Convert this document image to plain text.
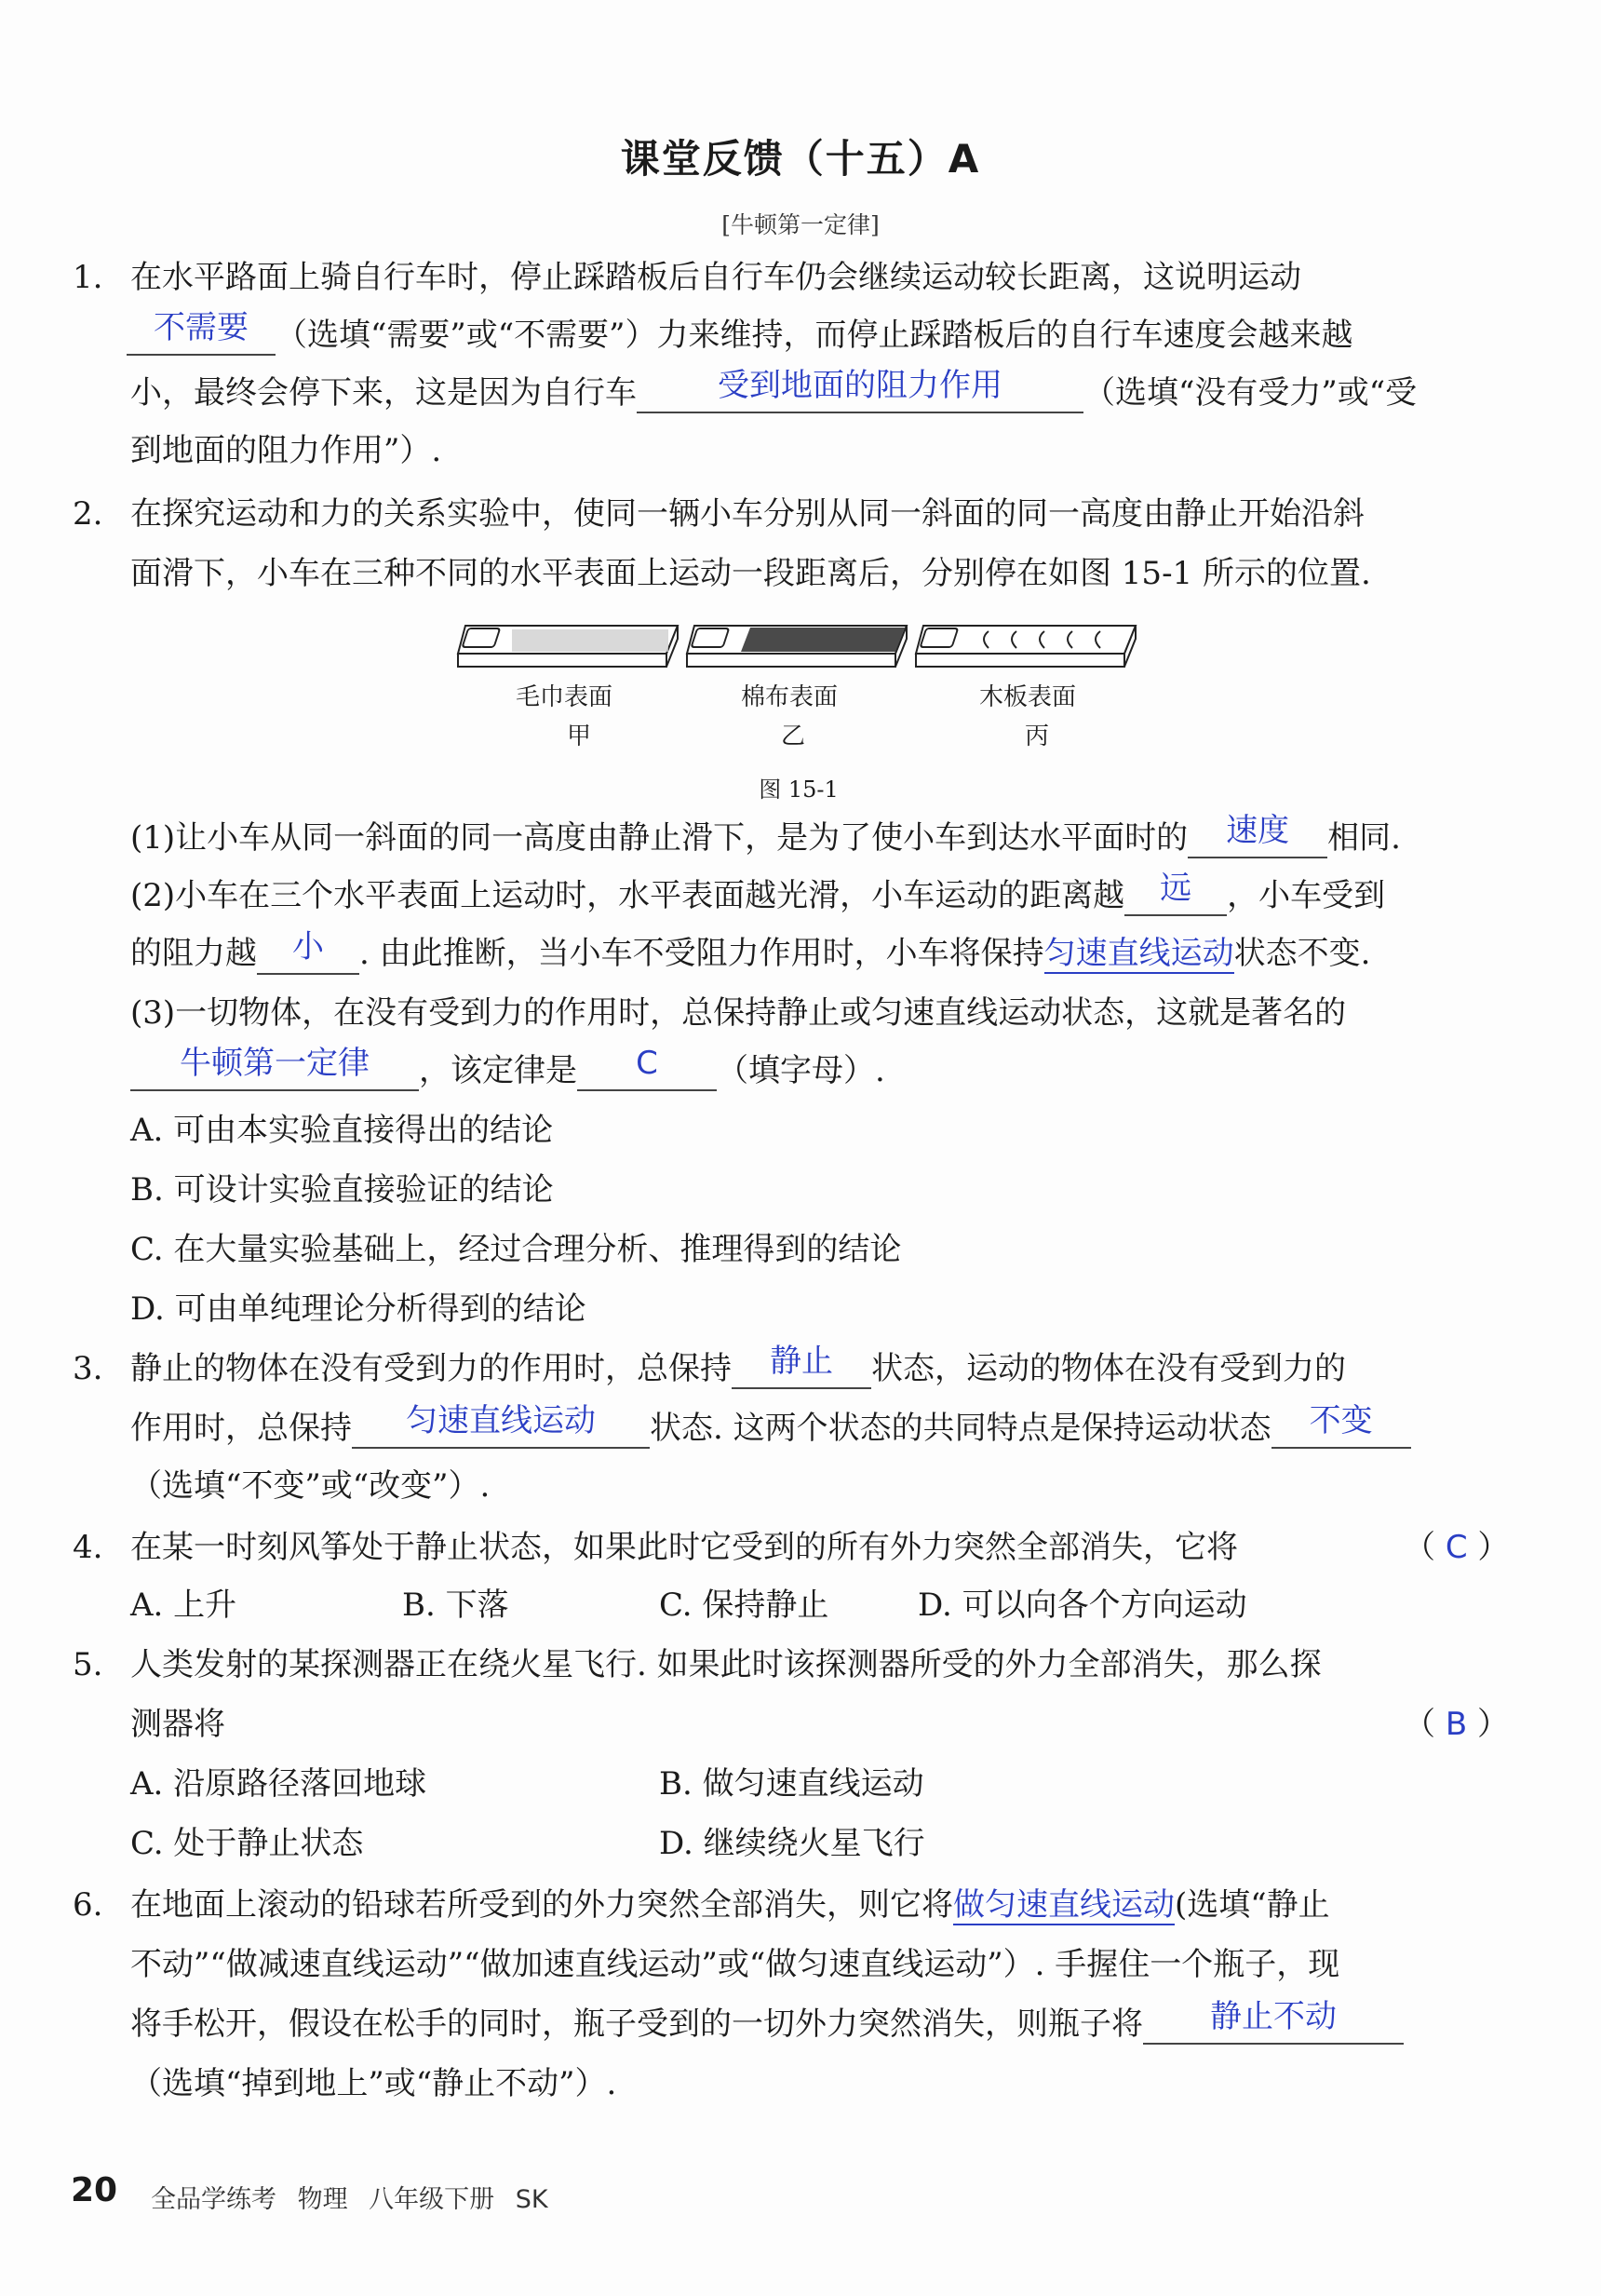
课堂反馈（十五）A
[牛顿第一定律]
1. 在水平路面上骑自行车时，停止踩踏板后自行车仍会继续运动较长距离，这说明运动
不需要 （选填“需要”或“不需要”）力来维持，而停止踩踏板后的自行车速度会越来越
小，最终会停下来，这是因为自行车	受到地面的阻力作用	（选填“没有受力”或“受
到地面的阻力作用”）.
2. 在探究运动和力的关系实验中，使同一辆小车分别从同一斜面的同一高度由静止开始沿斜
面滑下，小车在三种不同的水平表面上运动一段距离后，分别停在如图 15-1 所示的位置.
毛巾表面	棉布表面	木板表面
甲	乙	丙
图 15-1
(1)让小车从同一斜面的同一高度由静止滑下，是为了使小车到达水平面时的	速度	相同.
(2)小车在三个水平表面上运动时，水平表面越光滑，小车运动的距离越	远	，小车受到
的阻力越	小	. 由此推断，当小车不受阻力作用时，小车将保持匀速直线运动状态不变.
(3)一切物体，在没有受到力的作用时，总保持静止或匀速直线运动状态，这就是著名的
牛顿第一定律	，该定律是	C	（填字母）.
A. 可由本实验直接得出的结论
B. 可设计实验直接验证的结论
C. 在大量实验基础上，经过合理分析、推理得到的结论
D. 可由单纯理论分析得到的结论
3. 静止的物体在没有受到力的作用时，总保持	静止	状态，运动的物体在没有受到力的
作用时，总保持	匀速直线运动	状态. 这两个状态的共同特点是保持运动状态	不变
（选填“不变”或“改变”）.
4. 在某一时刻风筝处于静止状态，如果此时它受到的所有外力突然全部消失，它将	（ C ）
A. 上升	B. 下落	C. 保持静止	D. 可以向各个方向运动
5. 人类发射的某探测器正在绕火星飞行. 如果此时该探测器所受的外力全部消失，那么探
测器将	（ B ）
A. 沿原路径落回地球	B. 做匀速直线运动
C. 处于静止状态	D. 继续绕火星飞行
6. 在地面上滚动的铅球若所受到的外力突然全部消失，则它将做匀速直线运动(选填“静止
不动”“做减速直线运动”“做加速直线运动”或“做匀速直线运动”）. 手握住一个瓶子，现
将手松开，假设在松手的同时，瓶子受到的一切外力突然消失，则瓶子将	静止不动
（选填“掉到地上”或“静止不动”）.
20 全品学练考 物理 八年级下册 SK
